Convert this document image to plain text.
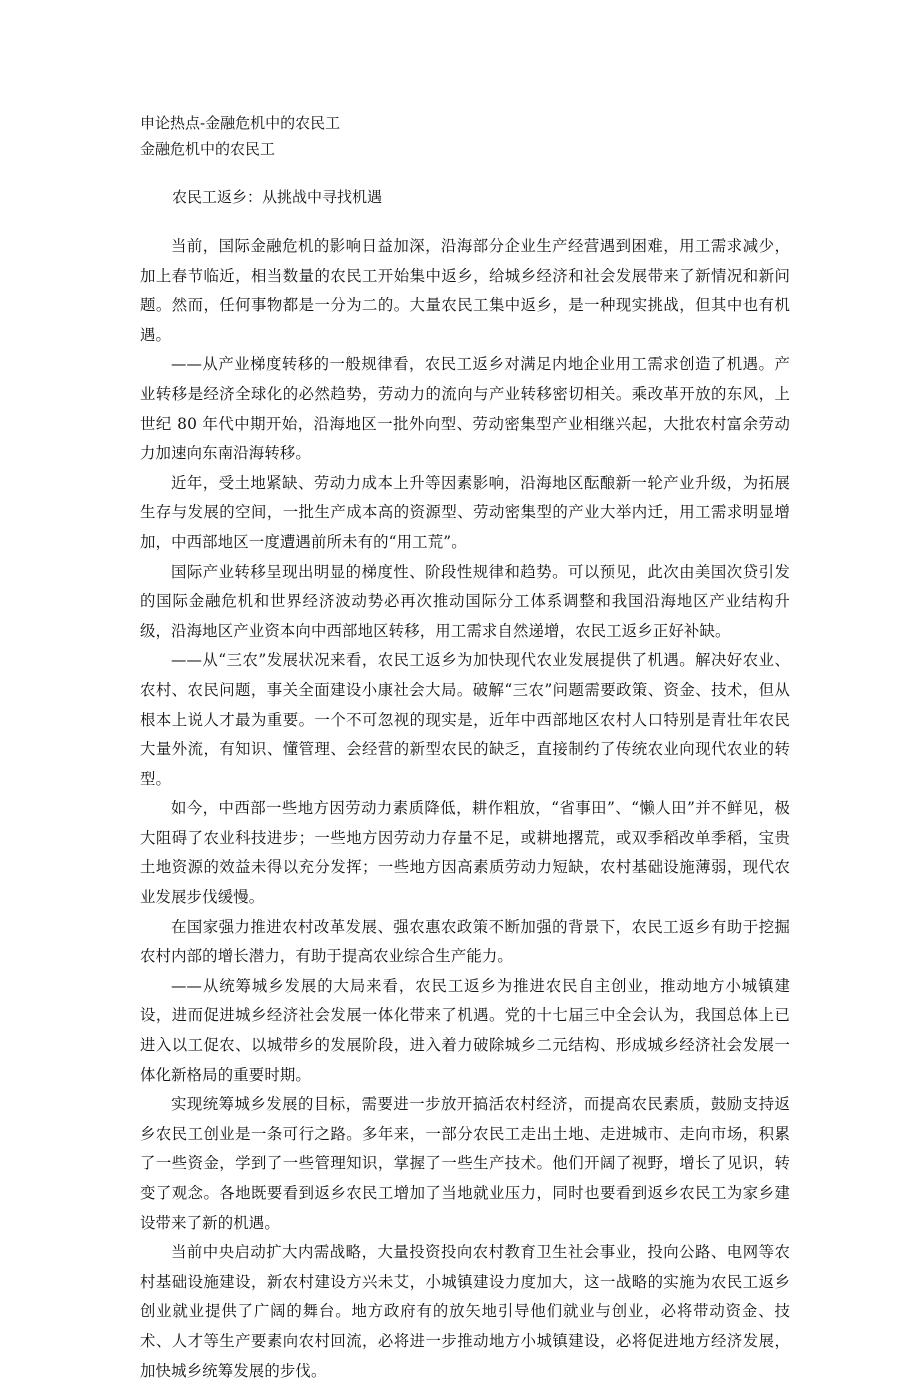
申论热点-金融危机中的农民工

金融危机中的农民工

农民工返乡：从挑战中寻找机遇

当前，国际金融危机的影响日益加深，沿海部分企业生产经营遇到困难，用工需求减少，加上春节临近，相当数量的农民工开始集中返乡，给城乡经济和社会发展带来了新情况和新问题。然而，任何事物都是一分为二的。大量农民工集中返乡，是一种现实挑战，但其中也有机遇。

——从产业梯度转移的一般规律看，农民工返乡对满足内地企业用工需求创造了机遇。产业转移是经济全球化的必然趋势，劳动力的流向与产业转移密切相关。乘改革开放的东风，上世纪 80 年代中期开始，沿海地区一批外向型、劳动密集型产业相继兴起，大批农村富余劳动力加速向东南沿海转移。

近年，受土地紧缺、劳动力成本上升等因素影响，沿海地区酝酿新一轮产业升级，为拓展生存与发展的空间，一批生产成本高的资源型、劳动密集型的产业大举内迁，用工需求明显增加，中西部地区一度遭遇前所未有的“用工荒”。

国际产业转移呈现出明显的梯度性、阶段性规律和趋势。可以预见，此次由美国次贷引发的国际金融危机和世界经济波动势必再次推动国际分工体系调整和我国沿海地区产业结构升级，沿海地区产业资本向中西部地区转移，用工需求自然递增，农民工返乡正好补缺。

——从“三农”发展状况来看，农民工返乡为加快现代农业发展提供了机遇。解决好农业、农村、农民问题，事关全面建设小康社会大局。破解“三农”问题需要政策、资金、技术，但从根本上说人才最为重要。一个不可忽视的现实是，近年中西部地区农村人口特别是青壮年农民大量外流，有知识、懂管理、会经营的新型农民的缺乏，直接制约了传统农业向现代农业的转型。

如今，中西部一些地方因劳动力素质降低，耕作粗放，“省事田”、“懒人田”并不鲜见，极大阻碍了农业科技进步；一些地方因劳动力存量不足，或耕地撂荒，或双季稻改单季稻，宝贵土地资源的效益未得以充分发挥；一些地方因高素质劳动力短缺，农村基础设施薄弱，现代农业发展步伐缓慢。

在国家强力推进农村改革发展、强农惠农政策不断加强的背景下，农民工返乡有助于挖掘农村内部的增长潜力，有助于提高农业综合生产能力。

——从统筹城乡发展的大局来看，农民工返乡为推进农民自主创业，推动地方小城镇建设，进而促进城乡经济社会发展一体化带来了机遇。党的十七届三中全会认为，我国总体上已进入以工促农、以城带乡的发展阶段，进入着力破除城乡二元结构、形成城乡经济社会发展一体化新格局的重要时期。

实现统筹城乡发展的目标，需要进一步放开搞活农村经济，而提高农民素质，鼓励支持返乡农民工创业是一条可行之路。多年来，一部分农民工走出土地、走进城市、走向市场，积累了一些资金，学到了一些管理知识，掌握了一些生产技术。他们开阔了视野，增长了见识，转变了观念。各地既要看到返乡农民工增加了当地就业压力，同时也要看到返乡农民工为家乡建设带来了新的机遇。

当前中央启动扩大内需战略，大量投资投向农村教育卫生社会事业，投向公路、电网等农村基础设施建设，新农村建设方兴未艾，小城镇建设力度加大，这一战略的实施为农民工返乡创业就业提供了广阔的舞台。地方政府有的放矢地引导他们就业与创业，必将带动资金、技术、人才等生产要素向农村回流，必将进一步推动地方小城镇建设，必将促进地方经济发展，加快城乡统筹发展的步伐。
